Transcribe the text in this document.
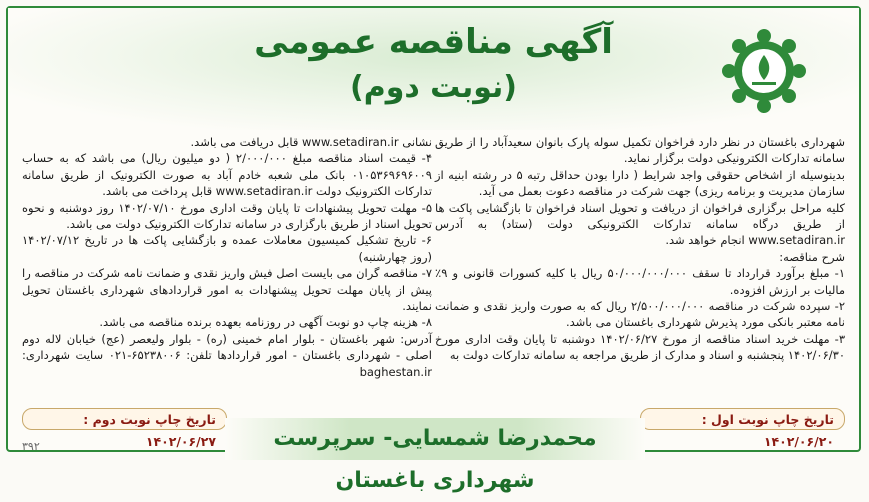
آگهی مناقصه عمومی
(نوبت دوم)

شهرداری باغستان در نظر دارد فراخوان تکمیل سوله پارک بانوان سعیدآباد را از طریق سامانه تدارکات الکترونیکی دولت برگزار نماید.

بدینوسیله از اشخاص حقوقی واجد شرایط ( دارا بودن حداقل رتبه ۵ در رشته ابنیه از سازمان مدیریت و برنامه ریزی) جهت شرکت در مناقصه دعوت بعمل می آید.

کلیه مراحل برگزاری فراخوان از دریافت و تحویل اسناد فراخوان تا بازگشایی پاکت ها از طریق درگاه سامانه تدارکات الکترونیکی دولت (ستاد) به آدرس www.setadiran.ir انجام خواهد شد.

شرح مناقصه:

۱- مبلغ برآورد قرارداد تا سقف ۵۰/۰۰۰/۰۰۰/۰۰۰ ریال با کلیه کسورات قانونی و ۹٪ مالیات بر ارزش افزوده.

۲- سپرده شرکت در مناقصه ۲/۵۰۰/۰۰۰/۰۰۰ ریال که به صورت واریز نقدی و ضمانت نامه معتبر بانکی مورد پذیرش شهرداری باغستان می باشد.

۳- مهلت خرید اسناد مناقصه از مورخ ۱۴۰۲/۰۶/۲۷ دوشنبه تا پایان وقت اداری مورخ ۱۴۰۲/۰۶/۳۰ پنجشنبه و اسناد و مدارک از طریق مراجعه به سامانه تدارکات دولت به

نشانی www.setadiran.ir قابل دریافت می باشد.

۴- قیمت اسناد مناقصه مبلغ ۲/۰۰۰/۰۰۰ ( دو میلیون ریال) می باشد که به حساب ۰۱۰۵۳۶۹۶۹۶۰۰۹ بانک ملی شعبه خادم آباد به صورت الکترونیک از طریق سامانه تدارکات الکترونیک دولت www.setadiran.ir قابل پرداخت می باشد.

۵- مهلت تحویل پیشنهادات تا پایان وقت اداری مورخ ۱۴۰۲/۰۷/۱۰ روز دوشنبه و نحوه تحویل اسناد از طریق بارگزاری در سامانه تدارکات الکترونیک دولت می باشد.

۶- تاریخ تشکیل کمیسیون معاملات عمده و بازگشایی پاکت ها در تاریخ ۱۴۰۲/۰۷/۱۲ (روز چهارشنبه)

۷- مناقصه گران می بایست اصل فیش واریز نقدی و ضمانت نامه شرکت در مناقصه را پیش از پایان مهلت تحویل پیشنهادات به امور قراردادهای شهرداری باغستان تحویل نمایند.

۸- هزینه چاپ دو نوبت آگهی در روزنامه بعهده برنده مناقصه می باشد.

آدرس: شهر باغستان - بلوار امام خمینی (ره) - بلوار ولیعصر (عج) خیابان لاله دوم اصلی - شهرداری باغستان - امور قراردادها تلفن: ۶۵۲۳۸۰۰۶-۰۲۱ سایت شهرداری: baghestan.ir

تاریخ چاپ نوبت اول : ۱۴۰۲/۰۶/۲۰
تاریخ چاپ نوبت دوم : ۱۴۰۲/۰۶/۲۷	محمدرضا شمسایی- سرپرست شهرداری باغستان
۳۹۲
